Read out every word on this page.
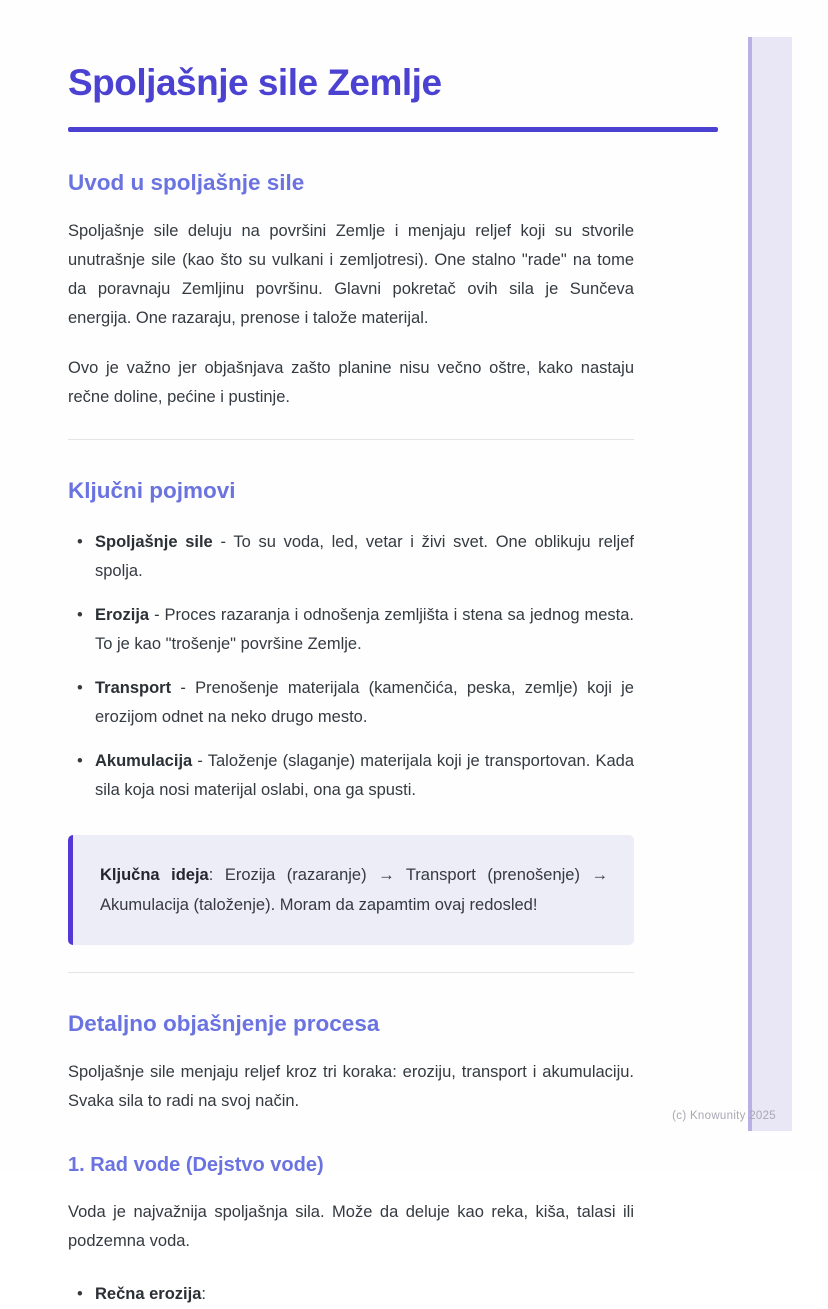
Spoljašnje sile Zemlje
Uvod u spoljašnje sile

Spoljašnje sile deluju na površini Zemlje i menjaju reljef koji su stvorile unutrašnje sile (kao što su vulkani i zemljotresi). One stalno "rade" na tome da poravnaju Zemljinu površinu. Glavni pokretač ovih sila je Sunčeva energija. One razaraju, prenose i talože materijal.

Ovo je važno jer objašnjava zašto planine nisu večno oštre, kako nastaju rečne doline, pećine i pustinje.

Ključni pojmovi
• Spoljašnje sile - To su voda, led, vetar i živi svet. One oblikuju reljef spolja.
• Erozija - Proces razaranja i odnošenja zemljišta i stena sa jednog mesta. To je kao "trošenje" površine Zemlje.
• Transport - Prenošenje materijala (kamenčića, peska, zemlje) koji je erozijom odnet na neko drugo mesto.
• Akumulacija - Taloženje (slaganje) materijala koji je transportovan. Kada sila koja nosi materijal oslabi, ona ga spusti.
Ključna ideja: Erozija (razaranje) → Transport (prenošenje) → Akumulacija (taloženje). Moram da zapamtim ovaj redosled!
Detaljno objašnjenje procesa

Spoljašnje sile menjaju reljef kroz tri koraka: eroziju, transport i akumulaciju. Svaka sila to radi na svoj način.

1. Rad vode (Dejstvo vode)

Voda je najvažnija spoljašnja sila. Može da deluje kao reka, kiša, talasi ili podzemna voda.

• Rečna erozija:
(c) Knowunity 2025
